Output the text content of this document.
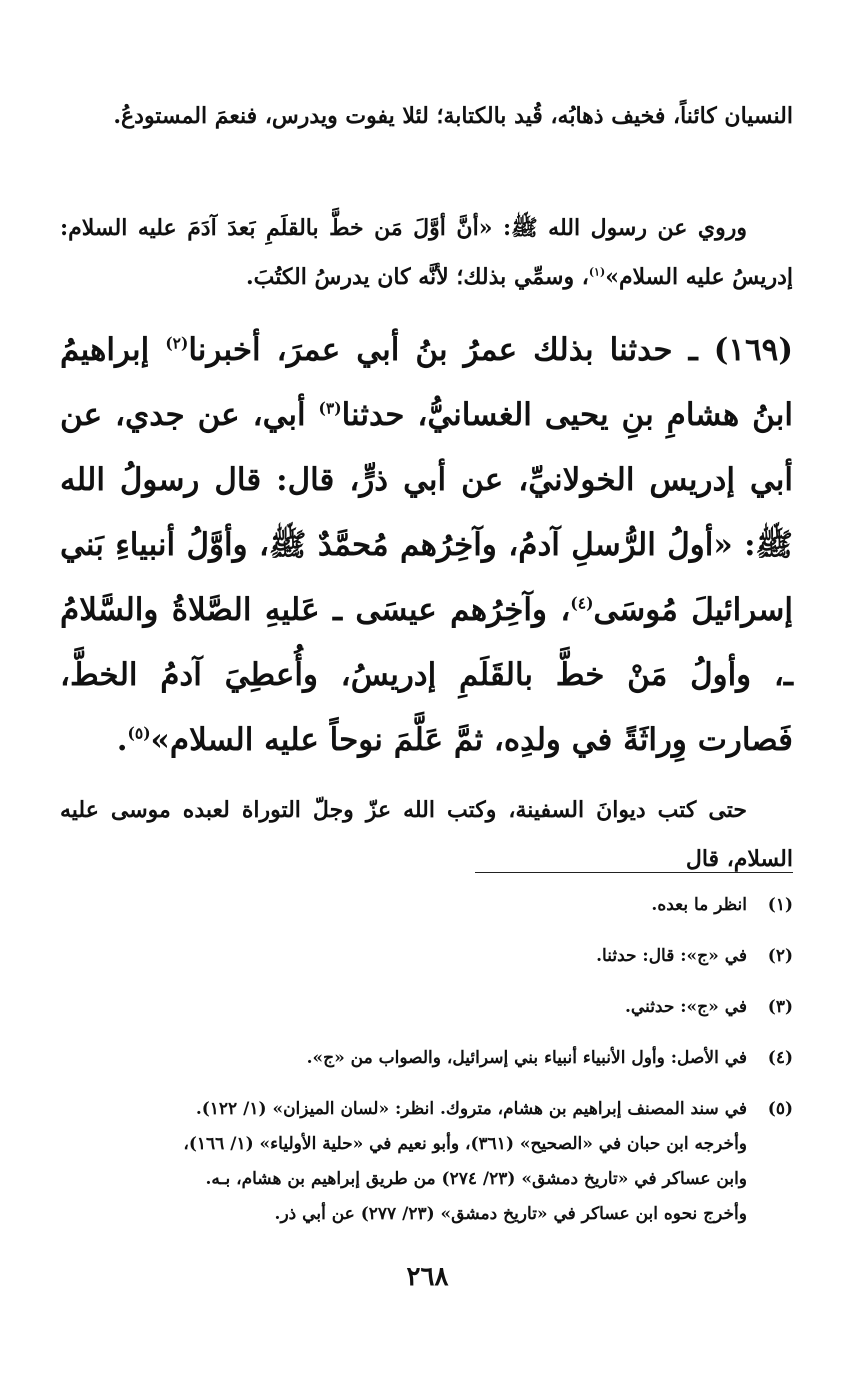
النسيان كائناً، فخيف ذهابُه، قُيد بالكتابة؛ لئلا يفوت ويدرس، فنعمَ المستودعُ.
وروي عن رسول الله ﷺ: «أنَّ أوَّلَ مَن خطَّ بالقلَمِ بَعدَ آدَمَ عليه السلام: إدريسُ عليه السلام»$^{(١)}$، وسمِّي بذلك؛ لأنَّه كان يدرسُ الكتُبَ.
(١٦٩) ـ حدثنا بذلك عمرُ بنُ أبي عمرَ، أخبرنا$^{(٢)}$ إبراهيمُ ابنُ هشامِ بنِ يحيى الغسانيُّ، حدثنا$^{(٣)}$ أبي، عن جدي، عن أبي إدريس الخولانيِّ، عن أبي ذرٍّ، قال: قال رسولُ الله ﷺ: «أولُ الرُّسلِ آدمُ، وآخِرُهم مُحمَّدٌ ﷺ، وأوَّلُ أنبياءِ بَني إسرائيلَ مُوسَى$^{(٤)}$، وآخِرُهم عيسَى ـ عَليهِ الصَّلاةُ والسَّلامُ ـ، وأولُ مَنْ خطَّ بالقَلَمِ إدريسُ، وأُعطِيَ آدمُ الخطَّ، فَصارت وِراثَةً في ولدِه، ثمَّ عَلَّمَ نوحاً عليه السلام»$^{(٥)}$.
حتى كتب ديوانَ السفينة، وكتب الله عزّ وجلّ التوراة لعبده موسى عليه السلام، قال
(١)
انظر ما بعده.
(٢)
في «ج»: قال: حدثنا.
(٣)
في «ج»: حدثني.
(٤)
في الأصل: وأول الأنبياء أنبياء بني إسرائيل، والصواب من «ج».
(٥)
في سند المصنف إبراهيم بن هشام، متروك. انظر: «لسان الميزان» (١/ ١٢٢).
وأخرجه ابن حبان في «الصحيح» (٣٦١)، وأبو نعيم في «حلية الأولياء» (١/ ١٦٦)،
وابن عساكر في «تاريخ دمشق» (٢٣/ ٢٧٤) من طريق إبراهيم بن هشام، بـه.
وأخرج نحوه ابن عساكر في «تاريخ دمشق» (٢٣/ ٢٧٧) عن أبي ذر.
٢٦٨
